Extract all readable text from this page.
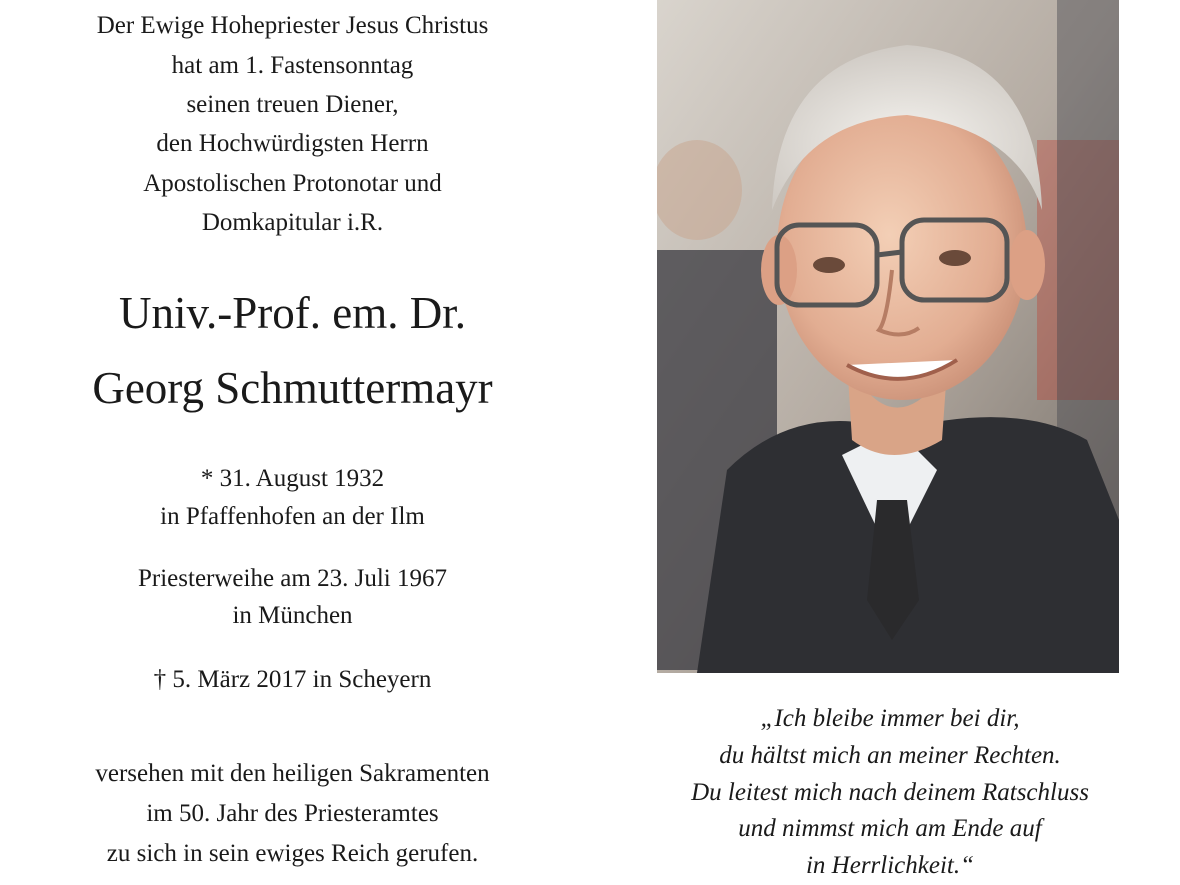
Der Ewige Hohepriester Jesus Christus
hat am 1. Fastensonntag
seinen treuen Diener,
den Hochwürdigsten Herrn
Apostolischen Protonotar und
Domkapitular i.R.
Univ.-Prof. em. Dr.
Georg Schmuttermayr
* 31. August 1932
in Pfaffenhofen an der Ilm
Priesterweihe am 23. Juli 1967
in München
† 5. März 2017 in Scheyern
versehen mit den heiligen Sakramenten
im 50. Jahr des Priesteramtes
zu sich in sein ewiges Reich gerufen.
„Ich bleibe immer bei dir,
du hältst mich an meiner Rechten.
Du leitest mich nach deinem Ratschluss
und nimmst mich am Ende auf
in Herrlichkeit.“
